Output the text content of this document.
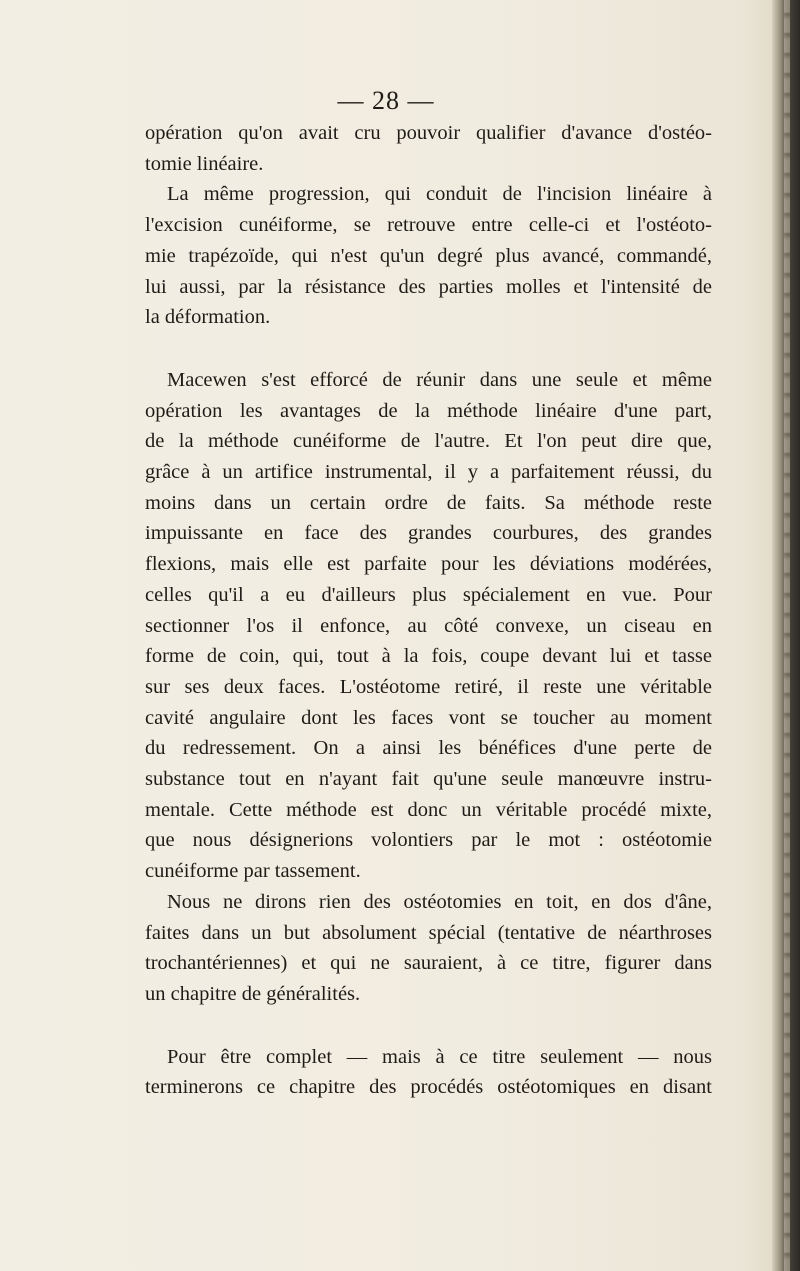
— 28 —
opération qu'on avait cru pouvoir qualifier d'avance d'ostéo-
tomie linéaire.
La même progression, qui conduit de l'incision linéaire à
l'excision cunéiforme, se retrouve entre celle-ci et l'ostéoto-
mie trapézoïde, qui n'est qu'un degré plus avancé, commandé,
lui aussi, par la résistance des parties molles et l'intensité de
la déformation.
Macewen s'est efforcé de réunir dans une seule et même
opération les avantages de la méthode linéaire d'une part,
de la méthode cunéiforme de l'autre. Et l'on peut dire que,
grâce à un artifice instrumental, il y a parfaitement réussi, du
moins dans un certain ordre de faits. Sa méthode reste
impuissante en face des grandes courbures, des grandes
flexions, mais elle est parfaite pour les déviations modérées,
celles qu'il a eu d'ailleurs plus spécialement en vue. Pour
sectionner l'os il enfonce, au côté convexe, un ciseau en
forme de coin, qui, tout à la fois, coupe devant lui et tasse
sur ses deux faces. L'ostéotome retiré, il reste une véritable
cavité angulaire dont les faces vont se toucher au moment
du redressement. On a ainsi les bénéfices d'une perte de
substance tout en n'ayant fait qu'une seule manœuvre instru-
mentale. Cette méthode est donc un véritable procédé mixte,
que nous désignerions volontiers par le mot : ostéotomie
cunéiforme par tassement.
Nous ne dirons rien des ostéotomies en toit, en dos d'âne,
faites dans un but absolument spécial (tentative de néarthroses
trochantériennes) et qui ne sauraient, à ce titre, figurer dans
un chapitre de généralités.
Pour être complet — mais à ce titre seulement — nous
terminerons ce chapitre des procédés ostéotomiques en disant
